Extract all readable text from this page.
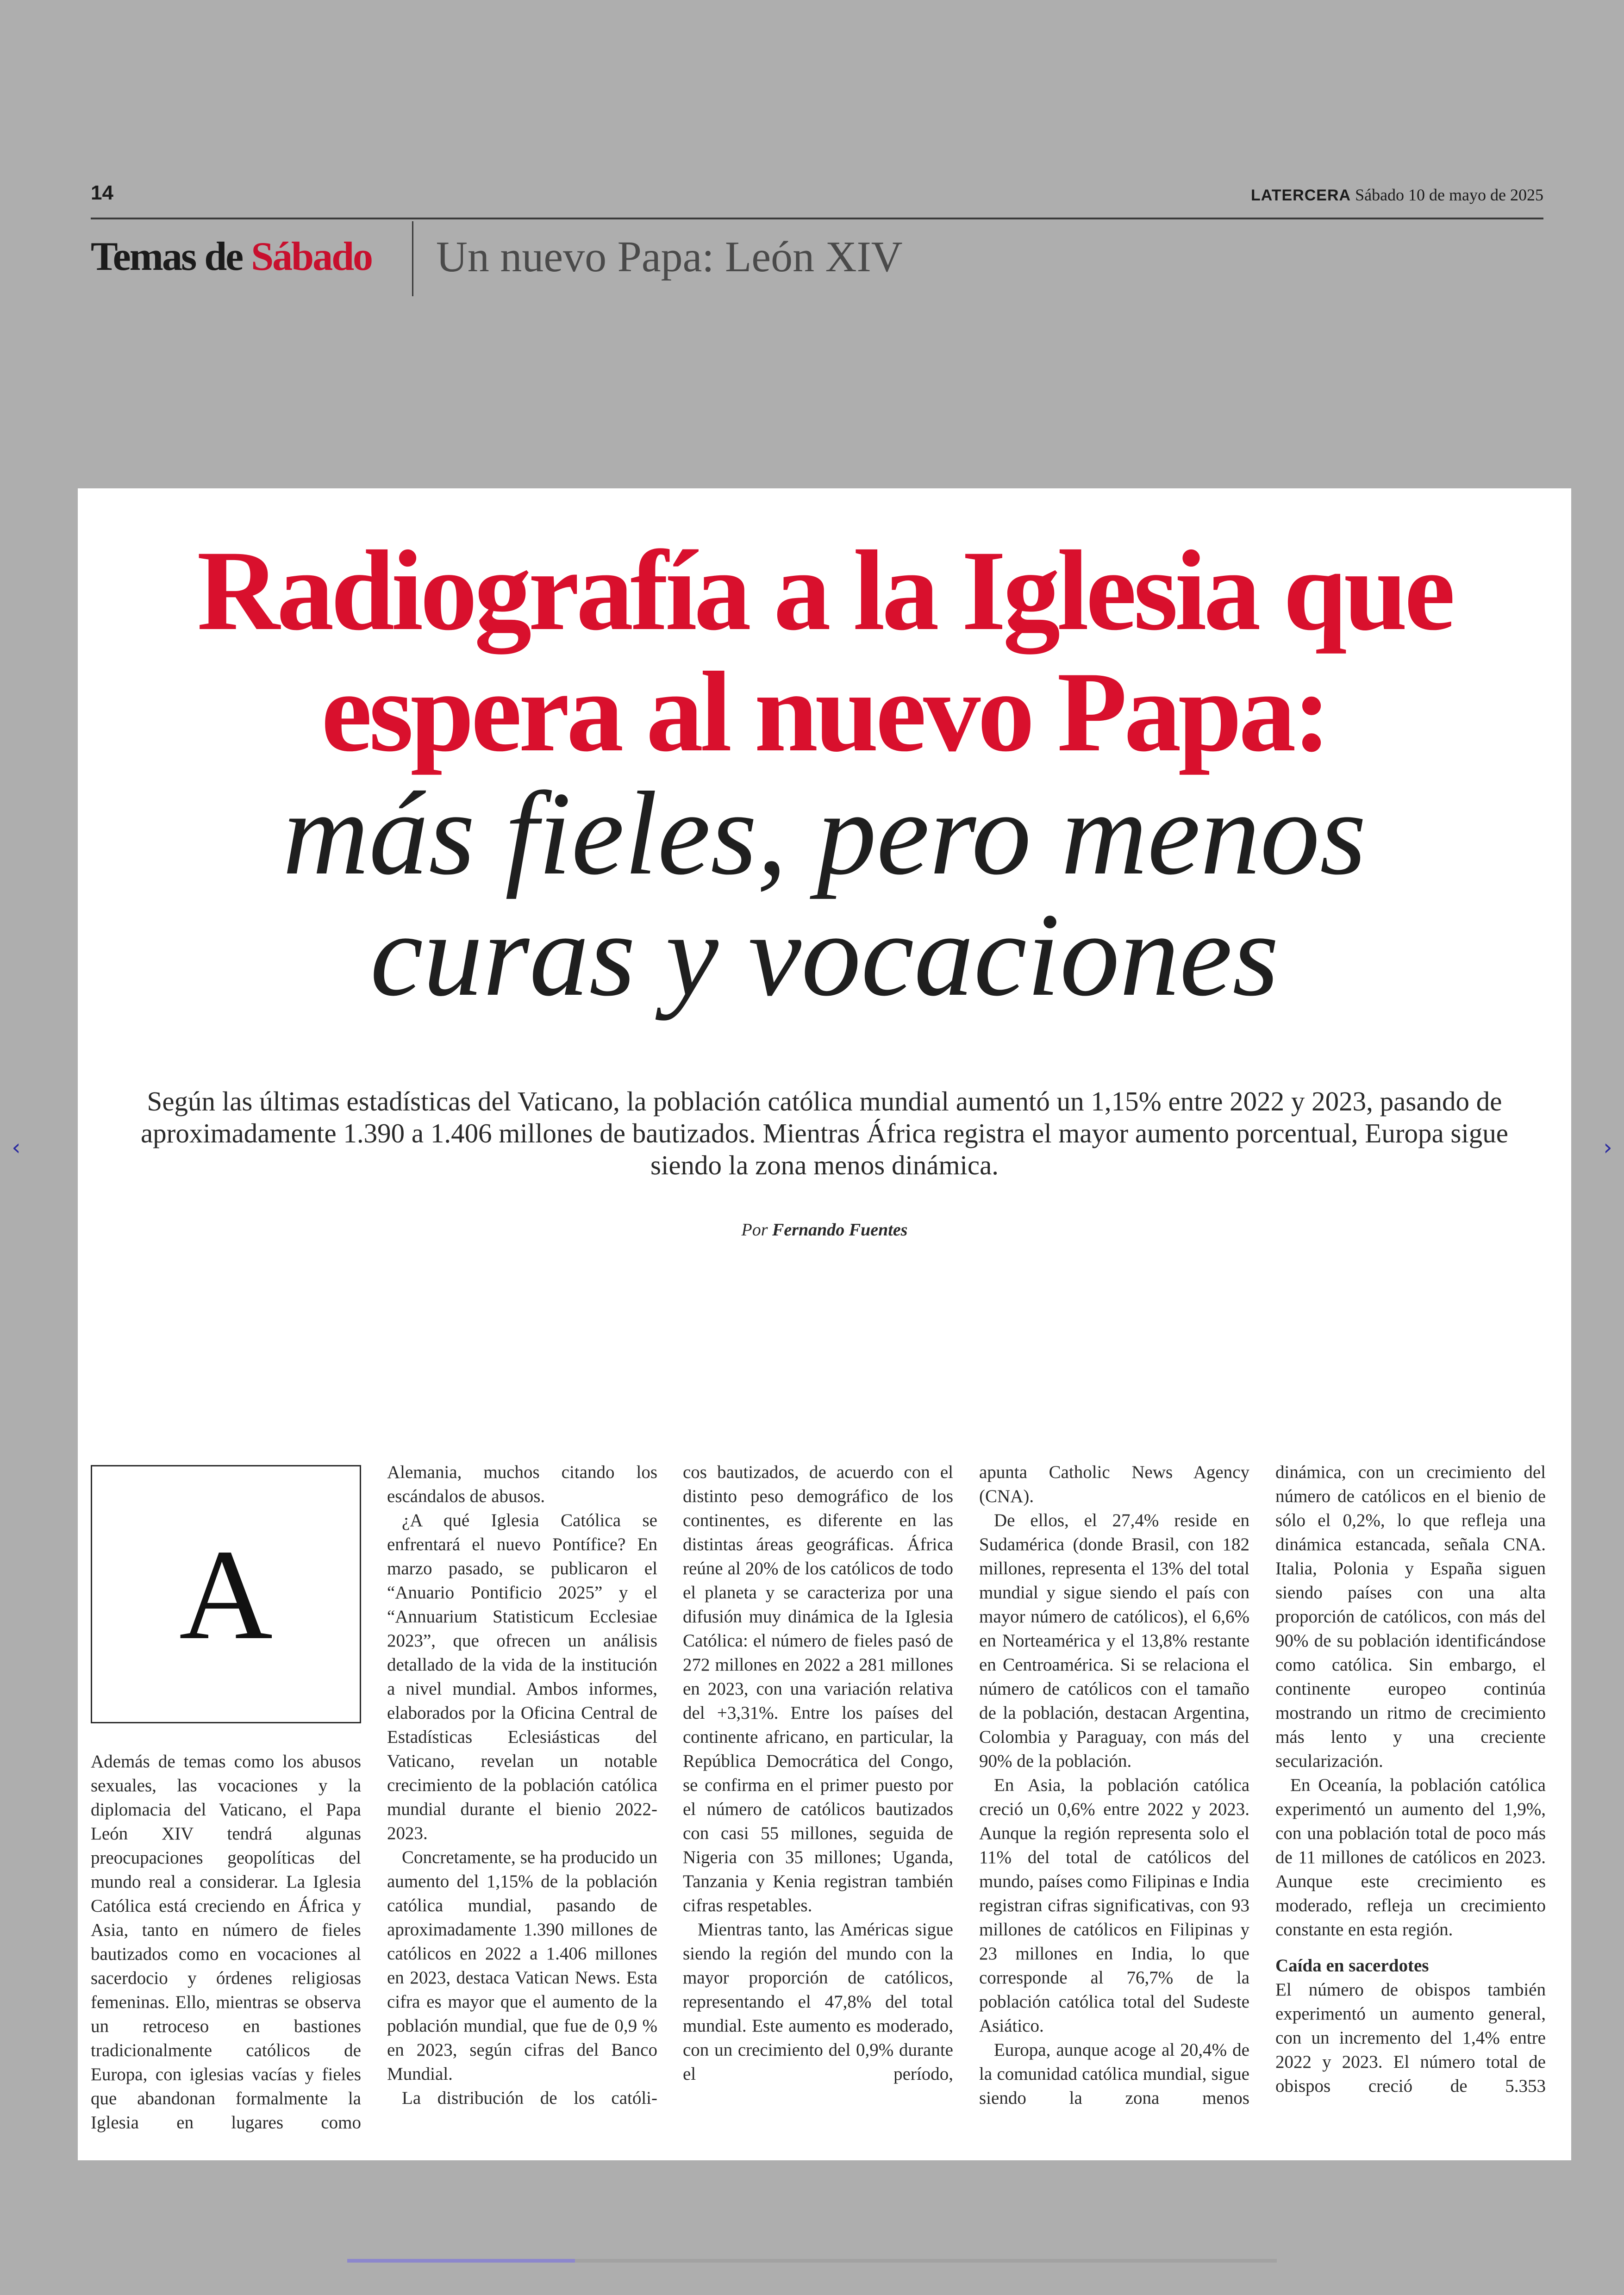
14	LATERCERA Sábado 10 de mayo de 2025
Temas de Sábado Un nuevo Papa: León XIV
‹	›
Radiografía a la Iglesia que
espera al nuevo Papa:
más fieles, pero menos
curas y vocaciones
Según las últimas estadísticas del Vaticano, la población católica mundial aumentó un 1,15% entre 2022 y 2023, pasando de aproximadamente 1.390 a 1.406 millones de bautizados. Mientras África registra el mayor aumento porcentual, Europa sigue siendo la zona menos dinámica.
Por Fernando Fuentes
A

Además de temas como los abusos sexuales, las vocaciones y la diplomacia del Vaticano, el Papa León XIV tendrá algunas preocupaciones geopolíticas del mundo real a considerar. La Iglesia Católica está creciendo en África y Asia, tanto en número de fieles bautizados como en vocaciones al sacerdocio y órdenes religiosas femeninas. Ello, mientras se observa un retroceso en bastiones tradicionalmente católicos de Europa, con iglesias vacías y fieles que abandonan formalmente la Iglesia en lugares como

Alemania, muchos citando los escándalos de abusos.

¿A qué Iglesia Católica se enfrentará el nuevo Pontífice? En marzo pasado, se publicaron el “Anuario Pontificio 2025” y el “Annuarium Statisticum Ecclesiae 2023”, que ofrecen un análisis detallado de la vida de la institución a nivel mundial. Ambos informes, elaborados por la Oficina Central de Estadísticas Eclesiásticas del Vaticano, revelan un notable crecimiento de la población católica mundial durante el bienio 2022-2023.

Concretamente, se ha producido un aumento del 1,15% de la población católica mundial, pasando de aproximadamente 1.390 millones de católicos en 2022 a 1.406 millones en 2023, destaca Vatican News. Esta cifra es mayor que el aumento de la población mundial, que fue de 0,9 % en 2023, según cifras del Banco Mundial.

La distribución de los católi-

cos bautizados, de acuerdo con el distinto peso demográfico de los continentes, es diferente en las distintas áreas geográficas. África reúne al 20% de los católicos de todo el planeta y se caracteriza por una difusión muy dinámica de la Iglesia Católica: el número de fieles pasó de 272 millones en 2022 a 281 millones en 2023, con una variación relativa del +3,31%. Entre los países del continente africano, en particular, la República Democrática del Congo, se confirma en el primer puesto por el número de católicos bautizados con casi 55 millones, seguida de Nigeria con 35 millones; Uganda, Tanzania y Kenia registran también cifras respetables.

Mientras tanto, las Américas sigue siendo la región del mundo con la mayor proporción de católicos, representando el 47,8% del total mundial. Este aumento es moderado, con un crecimiento del 0,9% durante el período,

apunta Catholic News Agency (CNA).

De ellos, el 27,4% reside en Sudamérica (donde Brasil, con 182 millones, representa el 13% del total mundial y sigue siendo el país con mayor número de católicos), el 6,6% en Norteamérica y el 13,8% restante en Centroamérica. Si se relaciona el número de católicos con el tamaño de la población, destacan Argentina, Colombia y Paraguay, con más del 90% de la población.

En Asia, la población católica creció un 0,6% entre 2022 y 2023. Aunque la región representa solo el 11% del total de católicos del mundo, países como Filipinas e India registran cifras significativas, con 93 millones de católicos en Filipinas y 23 millones en India, lo que corresponde al 76,7% de la población católica total del Sudeste Asiático.

Europa, aunque acoge al 20,4% de la comunidad católica mundial, sigue siendo la zona menos

dinámica, con un crecimiento del número de católicos en el bienio de sólo el 0,2%, lo que refleja una dinámica estancada, señala CNA. Italia, Polonia y España siguen siendo países con una alta proporción de católicos, con más del 90% de su población identificándose como católica. Sin embargo, el continente europeo continúa mostrando un ritmo de crecimiento más lento y una creciente secularización.

En Oceanía, la población católica experimentó un aumento del 1,9%, con una población total de poco más de 11 millones de católicos en 2023. Aunque este crecimiento es moderado, refleja un crecimiento constante en esta región.

Caída en sacerdotes

El número de obispos también experimentó un aumento general, con un incremento del 1,4% entre 2022 y 2023. El número total de obispos creció de 5.353
